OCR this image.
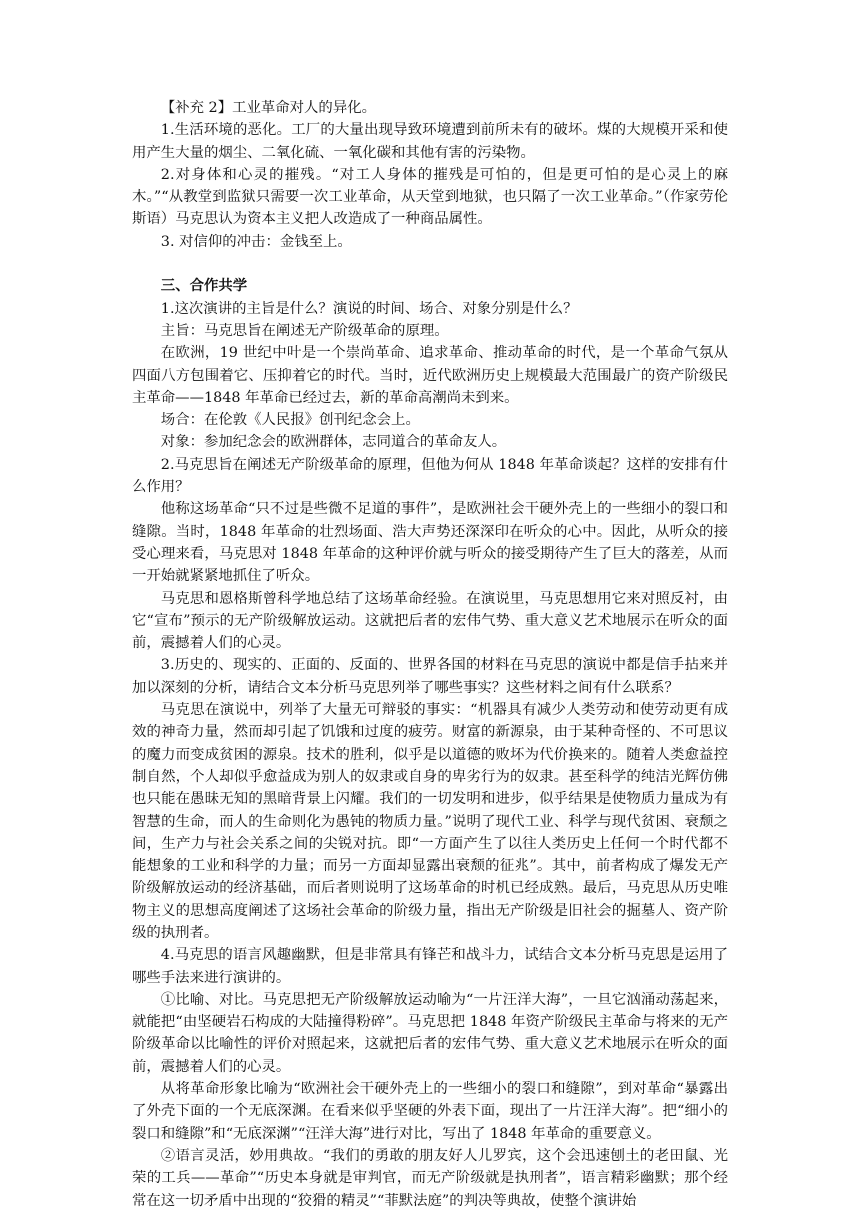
【补充 2】工业革命对人的异化。

1.生活环境的恶化。工厂的大量出现导致环境遭到前所未有的破坏。煤的大规模开采和使用产生大量的烟尘、二氧化硫、一氧化碳和其他有害的污染物。

2.对身体和心灵的摧残。“对工人身体的摧残是可怕的，但是更可怕的是心灵上的麻木。”“从教堂到监狱只需要一次工业革命，从天堂到地狱，也只隔了一次工业革命。”（作家劳伦斯语）马克思认为资本主义把人改造成了一种商品属性。

3. 对信仰的冲击：金钱至上。

三、合作共学

1.这次演讲的主旨是什么？演说的时间、场合、对象分别是什么？

主旨：马克思旨在阐述无产阶级革命的原理。

在欧洲，19 世纪中叶是一个崇尚革命、追求革命、推动革命的时代，是一个革命气氛从四面八方包围着它、压抑着它的时代。当时，近代欧洲历史上规模最大范围最广的资产阶级民主革命——1848 年革命已经过去，新的革命高潮尚未到来。

场合：在伦敦《人民报》创刊纪念会上。

对象：参加纪念会的欧洲群体，志同道合的革命友人。

2.马克思旨在阐述无产阶级革命的原理，但他为何从 1848 年革命谈起？这样的安排有什么作用？

他称这场革命“只不过是些微不足道的事件”，是欧洲社会干硬外壳上的一些细小的裂口和缝隙。当时，1848 年革命的壮烈场面、浩大声势还深深印在听众的心中。因此，从听众的接受心理来看，马克思对 1848 年革命的这种评价就与听众的接受期待产生了巨大的落差，从而一开始就紧紧地抓住了听众。

马克思和恩格斯曾科学地总结了这场革命经验。在演说里，马克思想用它来对照反衬，由它“宣布”预示的无产阶级解放运动。这就把后者的宏伟气势、重大意义艺术地展示在听众的面前，震撼着人们的心灵。

3.历史的、现实的、正面的、反面的、世界各国的材料在马克思的演说中都是信手拈来并加以深刻的分析，请结合文本分析马克思列举了哪些事实？这些材料之间有什么联系？

马克思在演说中，列举了大量无可辩驳的事实：“机器具有减少人类劳动和使劳动更有成效的神奇力量，然而却引起了饥饿和过度的疲劳。财富的新源泉，由于某种奇怪的、不可思议的魔力而变成贫困的源泉。技术的胜利，似乎是以道德的败坏为代价换来的。随着人类愈益控制自然，个人却似乎愈益成为别人的奴隶或自身的卑劣行为的奴隶。甚至科学的纯洁光辉仿佛也只能在愚昧无知的黑暗背景上闪耀。我们的一切发明和进步，似乎结果是使物质力量成为有智慧的生命，而人的生命则化为愚钝的物质力量。”说明了现代工业、科学与现代贫困、衰颓之间，生产力与社会关系之间的尖锐对抗。即“一方面产生了以往人类历史上任何一个时代都不能想象的工业和科学的力量；而另一方面却显露出衰颓的征兆”。其中，前者构成了爆发无产阶级解放运动的经济基础，而后者则说明了这场革命的时机已经成熟。最后，马克思从历史唯物主义的思想高度阐述了这场社会革命的阶级力量，指出无产阶级是旧社会的掘墓人、资产阶级的执刑者。

4.马克思的语言风趣幽默，但是非常具有锋芒和战斗力，试结合文本分析马克思是运用了哪些手法来进行演讲的。

①比喻、对比。马克思把无产阶级解放运动喻为“一片汪洋大海”，一旦它汹涌动荡起来，就能把“由坚硬岩石构成的大陆撞得粉碎”。马克思把 1848 年资产阶级民主革命与将来的无产阶级革命以比喻性的评价对照起来，这就把后者的宏伟气势、重大意义艺术地展示在听众的面前，震撼着人们的心灵。

从将革命形象比喻为“欧洲社会干硬外壳上的一些细小的裂口和缝隙”，到对革命“暴露出了外壳下面的一个无底深渊。在看来似乎坚硬的外表下面，现出了一片汪洋大海”。把“细小的裂口和缝隙”和“无底深渊”“汪洋大海”进行对比，写出了 1848 年革命的重要意义。

②语言灵活，妙用典故。“我们的勇敢的朋友好人儿罗宾，这个会迅速刨土的老田鼠、光荣的工兵——革命”“历史本身就是审判官，而无产阶级就是执刑者”，语言精彩幽默；那个经常在这一切矛盾中出现的“狡猾的精灵”“菲默法庭”的判决等典故，使整个演讲始
